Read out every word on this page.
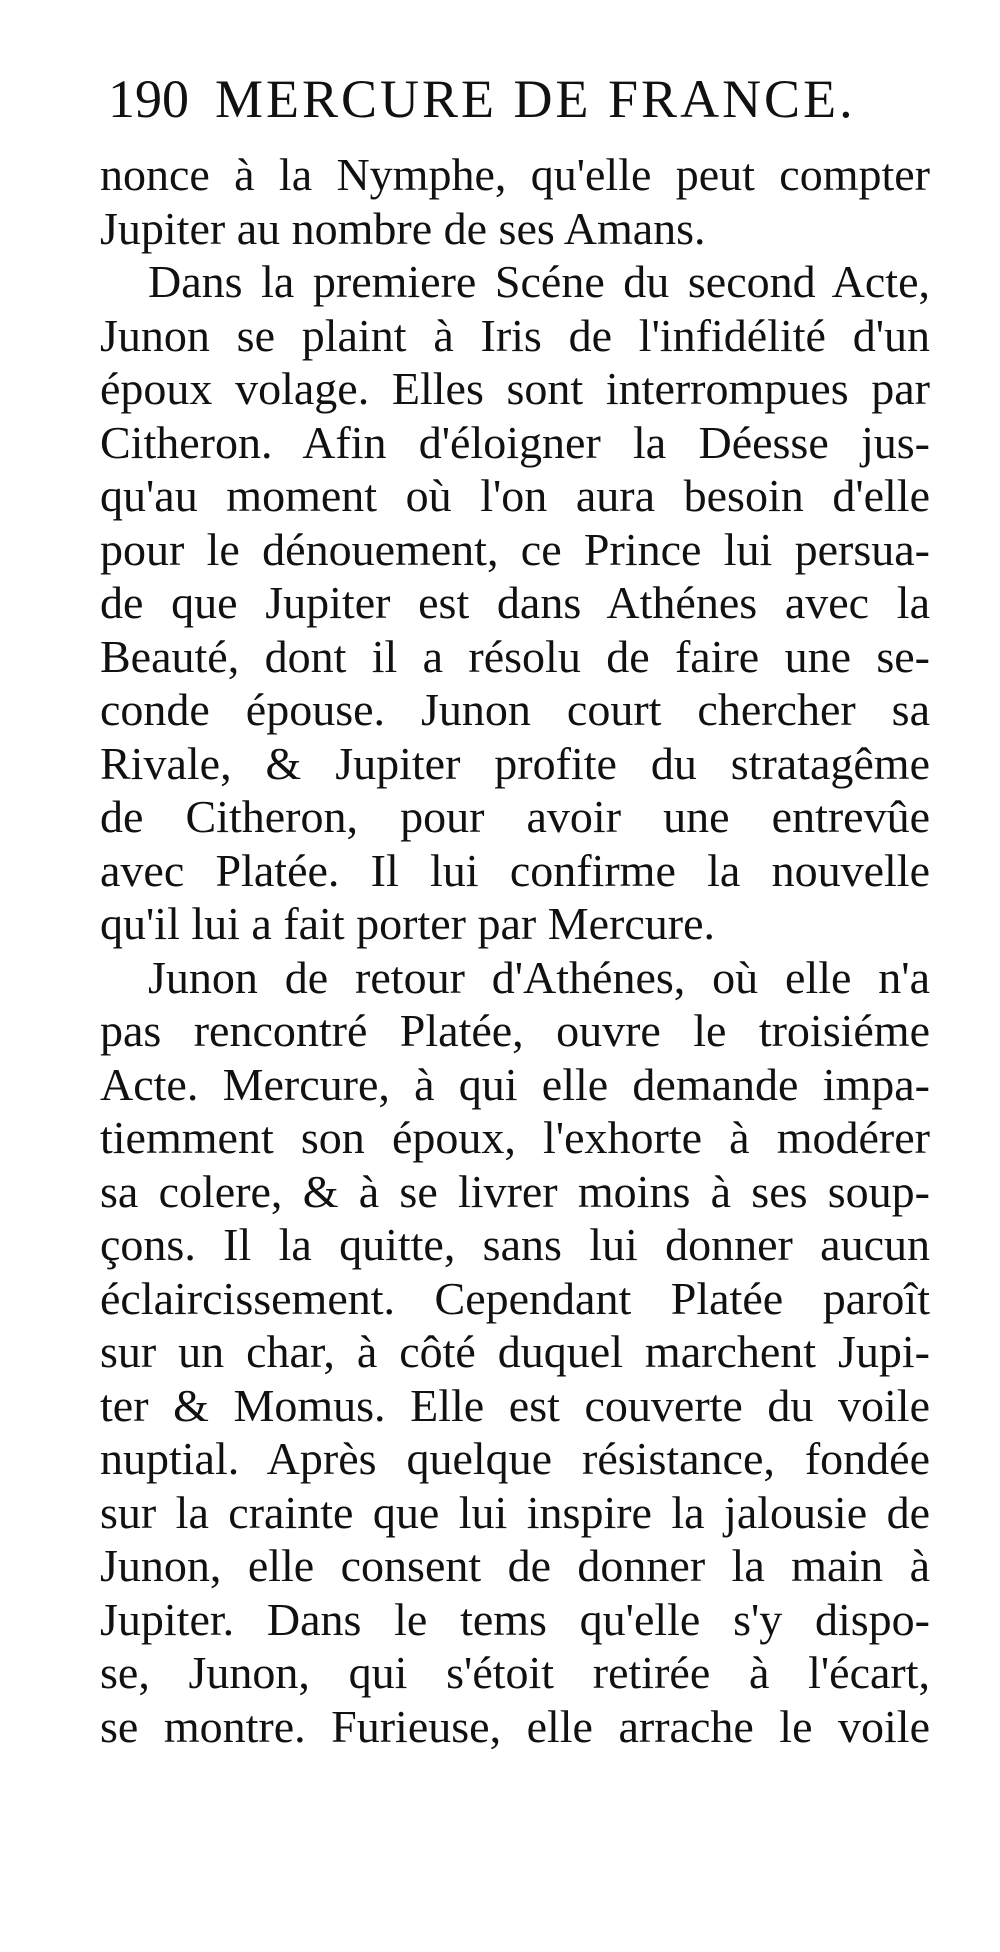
190 MERCURE DE FRANCE.
nonce à la Nymphe, qu'elle peut compter
Jupiter au nombre de ses Amans.
Dans la premiere Scéne du second Acte,
Junon se plaint à Iris de l'infidélité d'un
époux volage. Elles sont interrompues par
Citheron. Afin d'éloigner la Déesse jus-
qu'au moment où l'on aura besoin d'elle
pour le dénouement, ce Prince lui persua-
de que Jupiter est dans Athénes avec la
Beauté, dont il a résolu de faire une se-
conde épouse. Junon court chercher sa
Rivale, & Jupiter profite du stratagême
de Citheron, pour avoir une entrevûe
avec Platée. Il lui confirme la nouvelle
qu'il lui a fait porter par Mercure.
Junon de retour d'Athénes, où elle n'a
pas rencontré Platée, ouvre le troisiéme
Acte. Mercure, à qui elle demande impa-
tiemment son époux, l'exhorte à modérer
sa colere, & à se livrer moins à ses soup-
çons. Il la quitte, sans lui donner aucun
éclaircissement. Cependant Platée paroît
sur un char, à côté duquel marchent Jupi-
ter & Momus. Elle est couverte du voile
nuptial. Après quelque résistance, fondée
sur la crainte que lui inspire la jalousie de
Junon, elle consent de donner la main à
Jupiter. Dans le tems qu'elle s'y dispo-
se, Junon, qui s'étoit retirée à l'écart,
se montre. Furieuse, elle arrache le voile
